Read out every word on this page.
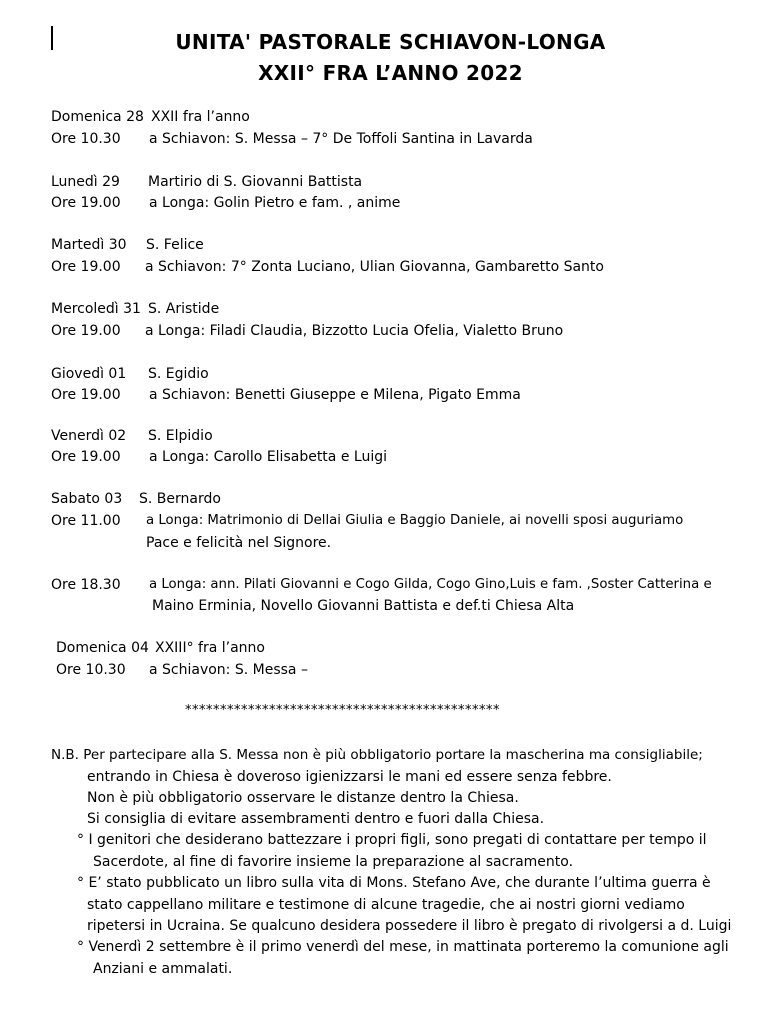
UNITA' PASTORALE SCHIAVON-LONGA
XXII° FRA L’ANNO 2022
Domenica 28 XXII fra l’anno
Ore 10.30 a Schiavon: S. Messa – 7° De Toffoli Santina in Lavarda
Lunedì 29 Martirio di S. Giovanni Battista
Ore 19.00 a Longa: Golin Pietro e fam. , anime
Martedì 30 S. Felice
Ore 19.00 a Schiavon: 7° Zonta Luciano, Ulian Giovanna, Gambaretto Santo
Mercoledì 31 S. Aristide
Ore 19.00 a Longa: Filadi Claudia, Bizzotto Lucia Ofelia, Vialetto Bruno
Giovedì 01 S. Egidio
Ore 19.00 a Schiavon: Benetti Giuseppe e Milena, Pigato Emma
Venerdì 02 S. Elpidio
Ore 19.00 a Longa: Carollo Elisabetta e Luigi
Sabato 03 S. Bernardo
Ore 11.00 a Longa: Matrimonio di Dellai Giulia e Baggio Daniele, ai novelli sposi auguriamo
Pace e felicità nel Signore.
Ore 18.30 a Longa: ann. Pilati Giovanni e Cogo Gilda, Cogo Gino,Luis e fam. ,Soster Catterina e
Maino Erminia, Novello Giovanni Battista e def.ti Chiesa Alta
Domenica 04 XXIII° fra l’anno
Ore 10.30 a Schiavon: S. Messa –
*********************************************
N.B. Per partecipare alla S. Messa non è più obbligatorio portare la mascherina ma consigliabile;
entrando in Chiesa è doveroso igienizzarsi le mani ed essere senza febbre.
Non è più obbligatorio osservare le distanze dentro la Chiesa.
Si consiglia di evitare assembramenti dentro e fuori dalla Chiesa.
° I genitori che desiderano battezzare i propri figli, sono pregati di contattare per tempo il
Sacerdote, al fine di favorire insieme la preparazione al sacramento.
° E’ stato pubblicato un libro sulla vita di Mons. Stefano Ave, che durante l’ultima guerra è
stato cappellano militare e testimone di alcune tragedie, che ai nostri giorni vediamo
ripetersi in Ucraina. Se qualcuno desidera possedere il libro è pregato di rivolgersi a d. Luigi
° Venerdì 2 settembre è il primo venerdì del mese, in mattinata porteremo la comunione agli
Anziani e ammalati.
